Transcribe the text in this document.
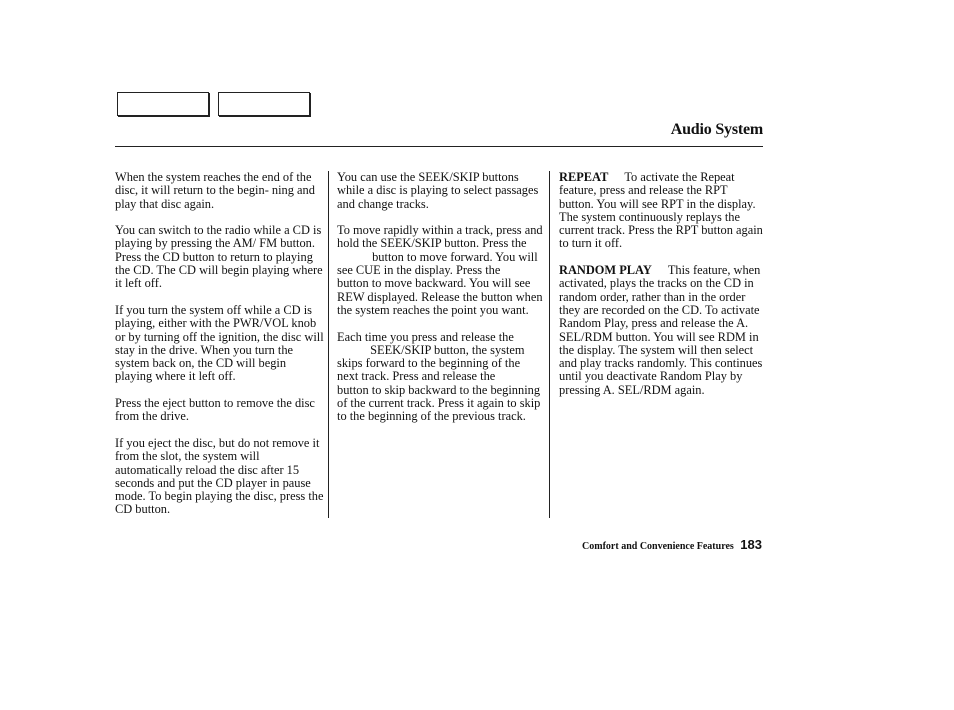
Audio System

When the system reaches the end of the disc, it will return to the begin- ning and play that disc again.

You can switch to the radio while a CD is playing by pressing the AM/ FM button. Press the CD button to return to playing the CD. The CD will begin playing where it left off.

If you turn the system off while a CD is playing, either with the PWR/VOL knob or by turning off the ignition, the disc will stay in the drive. When you turn the system back on, the CD will begin playing where it left off.

Press the eject button to remove the disc from the drive.

If you eject the disc, but do not remove it from the slot, the system will automatically reload the disc after 15 seconds and put the CD player in pause mode. To begin playing the disc, press the CD button.

You can use the SEEK/SKIP buttons while a disc is playing to select passages and change tracks.

To move rapidly within a track, press and hold the SEEK/SKIP button. Press the  button to move forward. You will see CUE in the display. Press the  button to move backward. You will see REW displayed. Release the button when the system reaches the point you want.

Each time you press and release the  SEEK/SKIP button, the system skips forward to the beginning of the next track. Press and release the  button to skip backward to the beginning of the current track. Press it again to skip to the beginning of the previous track.

REPEAT To activate the Repeat feature, press and release the RPT button. You will see RPT in the display. The system continuously replays the current track. Press the RPT button again to turn it off.

RANDOM PLAY This feature, when activated, plays the tracks on the CD in random order, rather than in the order they are recorded on the CD. To activate Random Play, press and release the A. SEL/RDM button. You will see RDM in the display. The system will then select and play tracks randomly. This continues until you deactivate Random Play by pressing A. SEL/RDM again.

Comfort and Convenience Features 183
